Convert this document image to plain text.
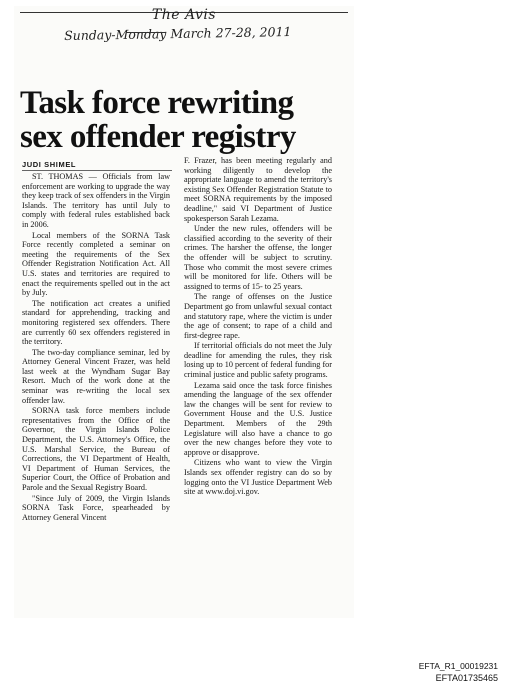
The Avis
Sunday-Monday March 27-28, 2011
Task force rewriting
sex offender registry
JUDI SHIMEL

ST. THOMAS — Officials from law enforcement are working to upgrade the way they keep track of sex offenders in the Virgin Islands. The territory has until July to comply with federal rules established back in 2006.

Local members of the SORNA Task Force recently completed a seminar on meeting the requirements of the Sex Offender Registration Notification Act. All U.S. states and territories are required to enact the requirements spelled out in the act by July.

The notification act creates a unified standard for apprehending, tracking and monitoring registered sex offenders. There are currently 60 sex offenders registered in the territory.

The two-day compliance seminar, led by Attorney General Vincent Frazer, was held last week at the Wyndham Sugar Bay Resort. Much of the work done at the seminar was re-writing the local sex offender law.

SORNA task force members include representatives from the Office of the Governor, the Virgin Islands Police Department, the U.S. Attorney's Office, the U.S. Marshal Service, the Bureau of Corrections, the VI Department of Health, VI Department of Human Services, the Superior Court, the Office of Probation and Parole and the Sexual Registry Board.

"Since July of 2009, the Virgin Islands SORNA Task Force, spearheaded by Attorney General Vincent

F. Frazer, has been meeting regularly and working diligently to develop the appropriate language to amend the territory's existing Sex Offender Registration Statute to meet SORNA requirements by the imposed deadline," said VI Department of Justice spokesperson Sarah Lezama.

Under the new rules, offenders will be classified according to the severity of their crimes. The harsher the offense, the longer the offender will be subject to scrutiny. Those who commit the most severe crimes will be monitored for life. Others will be assigned to terms of 15- to 25 years.

The range of offenses on the Justice Department go from unlawful sexual contact and statutory rape, where the victim is under the age of consent; to rape of a child and first-degree rape.

If territorial officials do not meet the July deadline for amending the rules, they risk losing up to 10 percent of federal funding for criminal justice and public safety programs.

Lezama said once the task force finishes amending the language of the sex offender law the changes will be sent for review to Government House and the U.S. Justice Department. Members of the 29th Legislature will also have a chance to go over the new changes before they vote to approve or disapprove.

Citizens who want to view the Virgin Islands sex offender registry can do so by logging onto the VI Justice Department Web site at www.doj.vi.gov.

EFTA_R1_00019231
EFTA01735465
